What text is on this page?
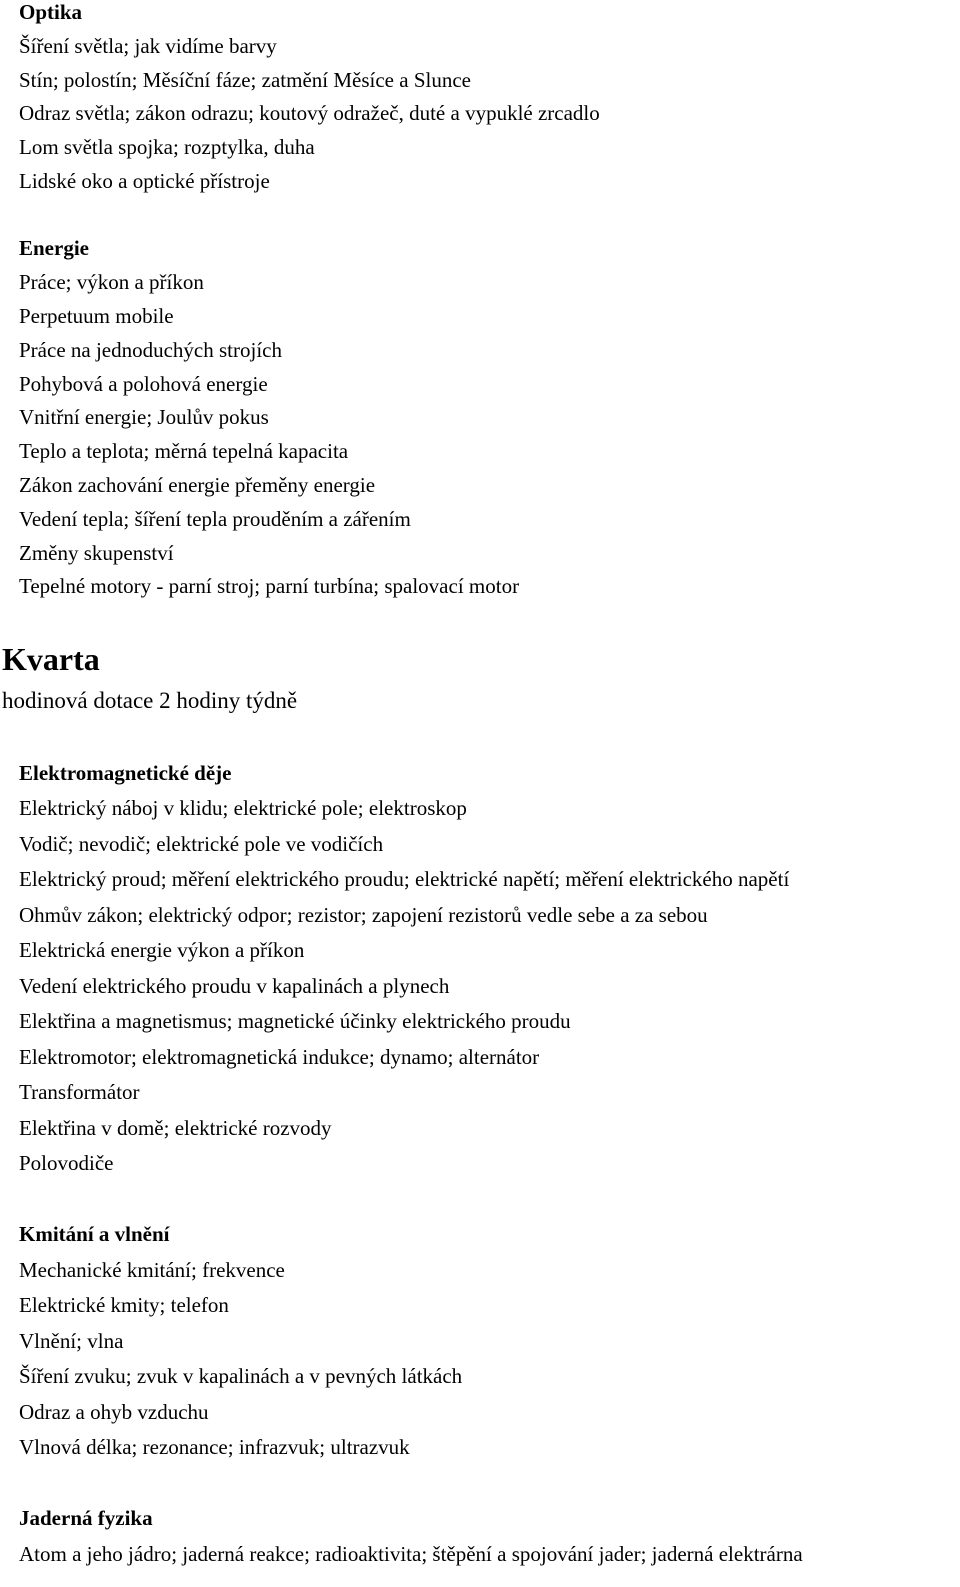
Optika
Šíření světla; jak vidíme barvy
Stín; polostín; Měsíční fáze; zatmění Měsíce a Slunce
Odraz světla; zákon odrazu; koutový odražeč, duté a vypuklé zrcadlo
Lom světla spojka; rozptylka, duha
Lidské oko a optické přístroje
Energie
Práce; výkon a příkon
Perpetuum mobile
Práce na jednoduchých strojích
Pohybová a polohová energie
Vnitřní energie; Joulův pokus
Teplo a teplota; měrná tepelná kapacita
Zákon zachování energie přeměny energie
Vedení tepla; šíření tepla prouděním a zářením
Změny skupenství
Tepelné motory - parní stroj; parní turbína; spalovací motor
Kvarta
hodinová dotace 2 hodiny týdně
Elektromagnetické děje
Elektrický náboj v klidu; elektrické pole; elektroskop
Vodič; nevodič; elektrické pole ve vodičích
Elektrický proud; měření elektrického proudu; elektrické napětí; měření elektrického napětí
Ohmův zákon; elektrický odpor; rezistor; zapojení rezistorů vedle sebe a za sebou
Elektrická energie výkon a příkon
Vedení elektrického proudu v kapalinách a plynech
Elektřina a magnetismus; magnetické účinky elektrického proudu
Elektromotor; elektromagnetická indukce; dynamo; alternátor
Transformátor
Elektřina v domě; elektrické rozvody
Polovodiče
Kmitání a vlnění
Mechanické kmitání; frekvence
Elektrické kmity; telefon
Vlnění; vlna
Šíření zvuku; zvuk v kapalinách a v pevných látkách
Odraz a ohyb vzduchu
Vlnová délka; rezonance; infrazvuk; ultrazvuk
Jaderná fyzika
Atom a jeho jádro; jaderná reakce; radioaktivita; štěpění a spojování jader; jaderná elektrárna
